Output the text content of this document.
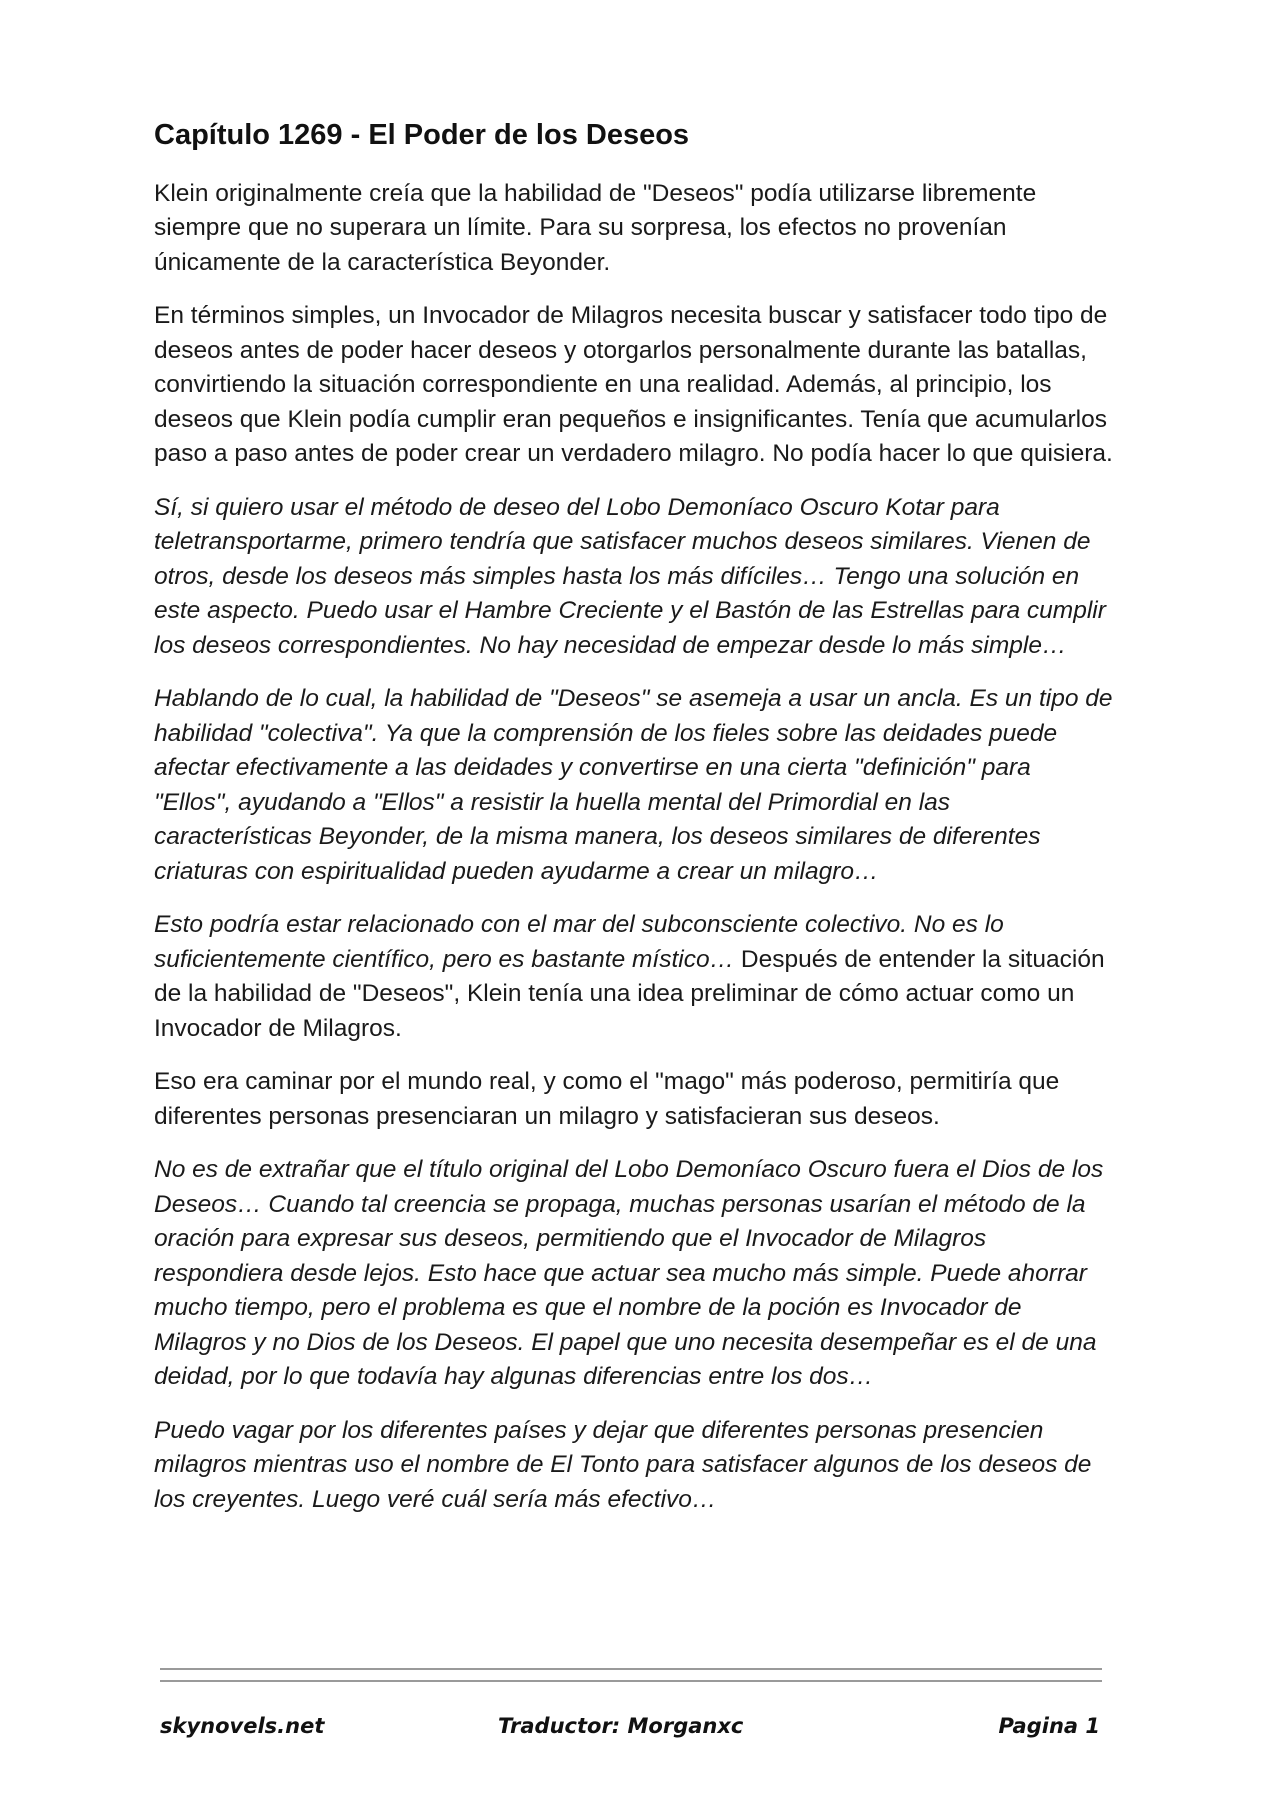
Capítulo 1269 - El Poder de los Deseos

Klein originalmente creía que la habilidad de "Deseos" podía utilizarse libremente siempre que no superara un límite. Para su sorpresa, los efectos no provenían únicamente de la característica Beyonder.

En términos simples, un Invocador de Milagros necesita buscar y satisfacer todo tipo de deseos antes de poder hacer deseos y otorgarlos personalmente durante las batallas, convirtiendo la situación correspondiente en una realidad. Además, al principio, los deseos que Klein podía cumplir eran pequeños e insignificantes. Tenía que acumularlos paso a paso antes de poder crear un verdadero milagro. No podía hacer lo que quisiera.

Sí, si quiero usar el método de deseo del Lobo Demoníaco Oscuro Kotar para teletransportarme, primero tendría que satisfacer muchos deseos similares. Vienen de otros, desde los deseos más simples hasta los más difíciles… Tengo una solución en este aspecto. Puedo usar el Hambre Creciente y el Bastón de las Estrellas para cumplir los deseos correspondientes. No hay necesidad de empezar desde lo más simple…

Hablando de lo cual, la habilidad de "Deseos" se asemeja a usar un ancla. Es un tipo de habilidad "colectiva". Ya que la comprensión de los fieles sobre las deidades puede afectar efectivamente a las deidades y convertirse en una cierta "definición" para "Ellos", ayudando a "Ellos" a resistir la huella mental del Primordial en las características Beyonder, de la misma manera, los deseos similares de diferentes criaturas con espiritualidad pueden ayudarme a crear un milagro…

Esto podría estar relacionado con el mar del subconsciente colectivo. No es lo suficientemente científico, pero es bastante místico… Después de entender la situación de la habilidad de "Deseos", Klein tenía una idea preliminar de cómo actuar como un Invocador de Milagros.

Eso era caminar por el mundo real, y como el "mago" más poderoso, permitiría que diferentes personas presenciaran un milagro y satisfacieran sus deseos.

No es de extrañar que el título original del Lobo Demoníaco Oscuro fuera el Dios de los Deseos… Cuando tal creencia se propaga, muchas personas usarían el método de la oración para expresar sus deseos, permitiendo que el Invocador de Milagros respondiera desde lejos. Esto hace que actuar sea mucho más simple. Puede ahorrar mucho tiempo, pero el problema es que el nombre de la poción es Invocador de Milagros y no Dios de los Deseos. El papel que uno necesita desempeñar es el de una deidad, por lo que todavía hay algunas diferencias entre los dos…

Puedo vagar por los diferentes países y dejar que diferentes personas presencien milagros mientras uso el nombre de El Tonto para satisfacer algunos de los deseos de los creyentes. Luego veré cuál sería más efectivo…

skynovels.net	Traductor: Morganxc	Pagina 1
